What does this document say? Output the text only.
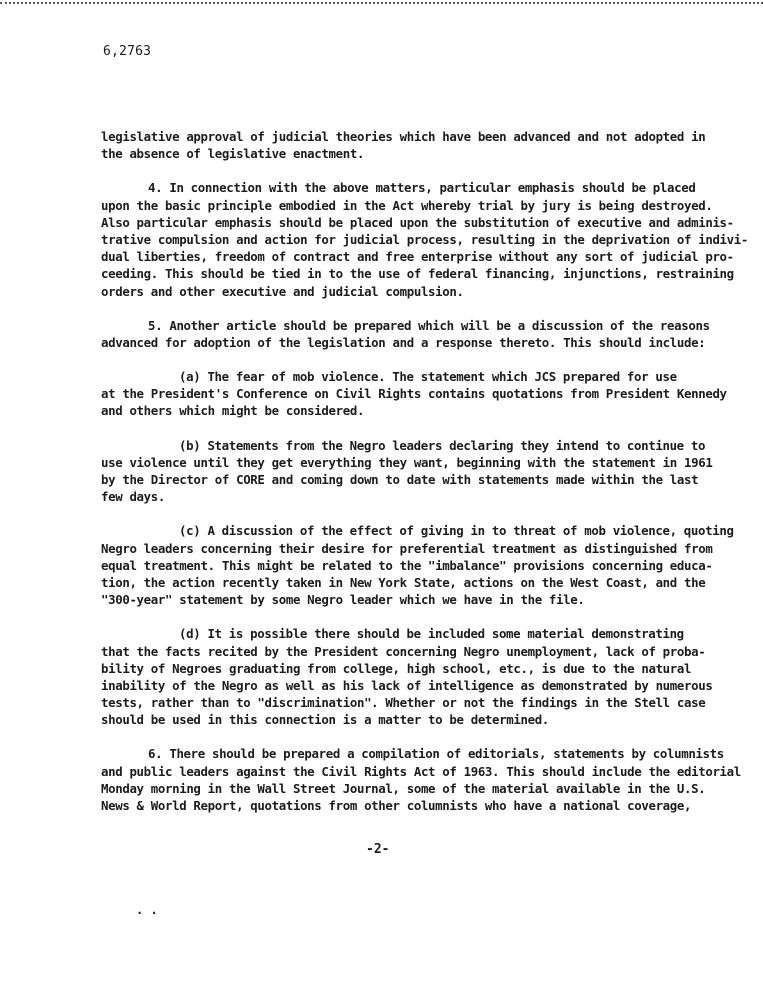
6,2763
legislative approval of judicial theories which have been advanced and not adopted in
the absence of legislative enactment.
4. In connection with the above matters, particular emphasis should be placed
upon the basic principle embodied in the Act whereby trial by jury is being destroyed.
Also particular emphasis should be placed upon the substitution of executive and adminis-
trative compulsion and action for judicial process, resulting in the deprivation of indivi-
dual liberties, freedom of contract and free enterprise without any sort of judicial pro-
ceeding. This should be tied in to the use of federal financing, injunctions, restraining
orders and other executive and judicial compulsion.
5. Another article should be prepared which will be a discussion of the reasons
advanced for adoption of the legislation and a response thereto. This should include:
(a) The fear of mob violence. The statement which JCS prepared for use
at the President's Conference on Civil Rights contains quotations from President Kennedy
and others which might be considered.
(b) Statements from the Negro leaders declaring they intend to continue to
use violence until they get everything they want, beginning with the statement in 1961
by the Director of CORE and coming down to date with statements made within the last
few days.
(c) A discussion of the effect of giving in to threat of mob violence, quoting
Negro leaders concerning their desire for preferential treatment as distinguished from
equal treatment. This might be related to the "imbalance" provisions concerning educa-
tion, the action recently taken in New York State, actions on the West Coast, and the
"300-year" statement by some Negro leader which we have in the file.
(d) It is possible there should be included some material demonstrating
that the facts recited by the President concerning Negro unemployment, lack of proba-
bility of Negroes graduating from college, high school, etc., is due to the natural
inability of the Negro as well as his lack of intelligence as demonstrated by numerous
tests, rather than to "discrimination". Whether or not the findings in the Stell case
should be used in this connection is a matter to be determined.
6. There should be prepared a compilation of editorials, statements by columnists
and public leaders against the Civil Rights Act of 1963. This should include the editorial
Monday morning in the Wall Street Journal, some of the material available in the U.S.
News & World Report, quotations from other columnists who have a national coverage,
-2-
. .
